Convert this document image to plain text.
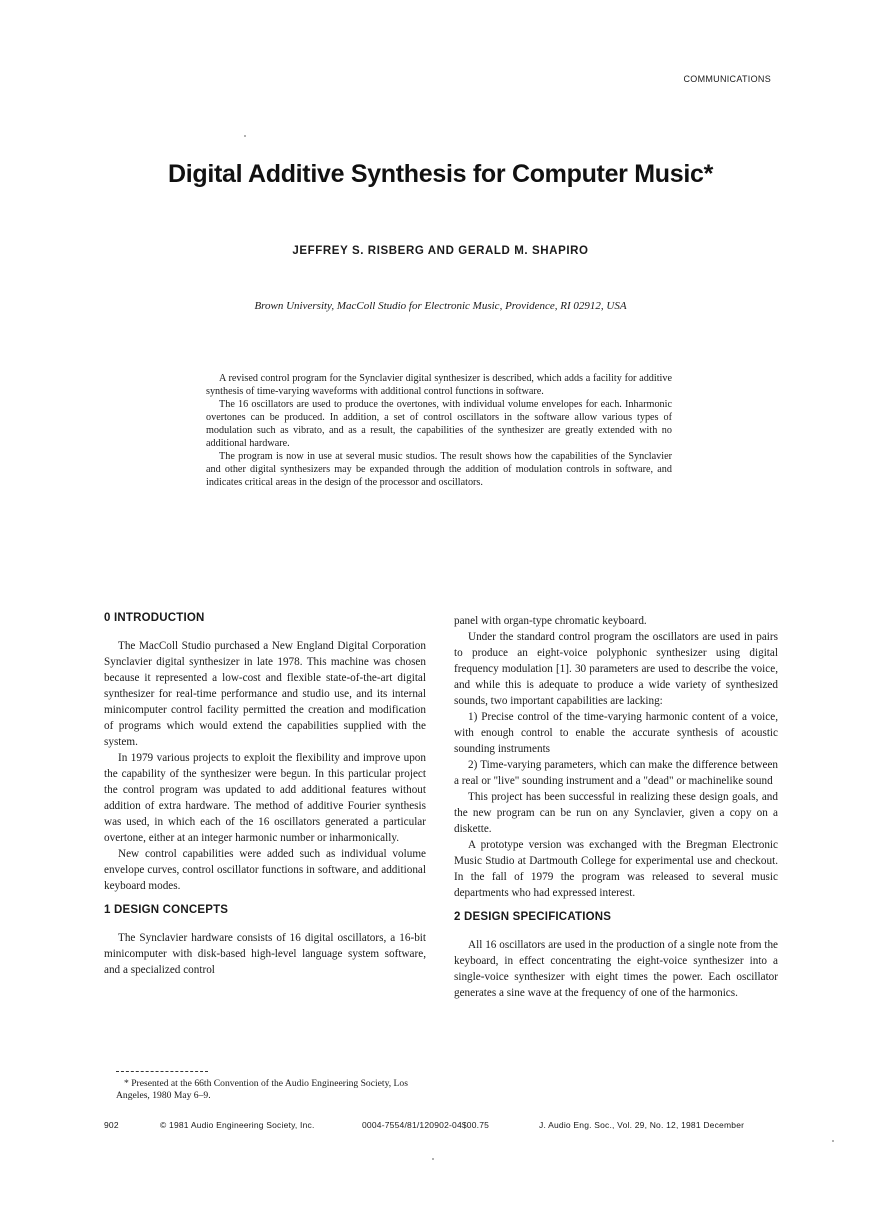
COMMUNICATIONS
Digital Additive Synthesis for Computer Music*
JEFFREY S. RISBERG AND GERALD M. SHAPIRO
Brown University, MacColl Studio for Electronic Music, Providence, RI 02912, USA

A revised control program for the Synclavier digital synthesizer is described, which adds a facility for additive synthesis of time-varying waveforms with additional control functions in software.

The 16 oscillators are used to produce the overtones, with individual volume envelopes for each. Inharmonic overtones can be produced. In addition, a set of control oscillators in the software allow various types of modulation such as vibrato, and as a result, the capabilities of the synthesizer are greatly extended with no additional hardware.

The program is now in use at several music studios. The result shows how the capabilities of the Synclavier and other digital synthesizers may be expanded through the addition of modulation controls in software, and indicates critical areas in the design of the processor and oscillators.

0 INTRODUCTION

The MacColl Studio purchased a New England Digital Corporation Synclavier digital synthesizer in late 1978. This machine was chosen because it represented a low-cost and flexible state-of-the-art digital synthesizer for real-time performance and studio use, and its internal minicomputer control facility permitted the creation and modification of programs which would extend the capabilities supplied with the system.

In 1979 various projects to exploit the flexibility and improve upon the capability of the synthesizer were begun. In this particular project the control program was updated to add additional features without addition of extra hardware. The method of additive Fourier synthesis was used, in which each of the 16 oscillators generated a particular overtone, either at an integer harmonic number or inharmonically.

New control capabilities were added such as individual volume envelope curves, control oscillator functions in software, and additional keyboard modes.

1 DESIGN CONCEPTS

The Synclavier hardware consists of 16 digital oscillators, a 16-bit minicomputer with disk-based high-level language system software, and a specialized control

panel with organ-type chromatic keyboard.

Under the standard control program the oscillators are used in pairs to produce an eight-voice polyphonic synthesizer using digital frequency modulation [1]. 30 parameters are used to describe the voice, and while this is adequate to produce a wide variety of synthesized sounds, two important capabilities are lacking:

1) Precise control of the time-varying harmonic content of a voice, with enough control to enable the accurate synthesis of acoustic sounding instruments

2) Time-varying parameters, which can make the difference between a real or "live" sounding instrument and a "dead" or machinelike sound

This project has been successful in realizing these design goals, and the new program can be run on any Synclavier, given a copy on a diskette.

A prototype version was exchanged with the Bregman Electronic Music Studio at Dartmouth College for experimental use and checkout. In the fall of 1979 the program was released to several music departments who had expressed interest.

2 DESIGN SPECIFICATIONS

All 16 oscillators are used in the production of a single note from the keyboard, in effect concentrating the eight-voice synthesizer into a single-voice synthesizer with eight times the power. Each oscillator generates a sine wave at the frequency of one of the harmonics.

* Presented at the 66th Convention of the Audio Engineering Society, Los Angeles, 1980 May 6–9.
902	© 1981 Audio Engineering Society, Inc.	0004-7554/81/120902-04$00.75	J. Audio Eng. Soc., Vol. 29, No. 12, 1981 December
